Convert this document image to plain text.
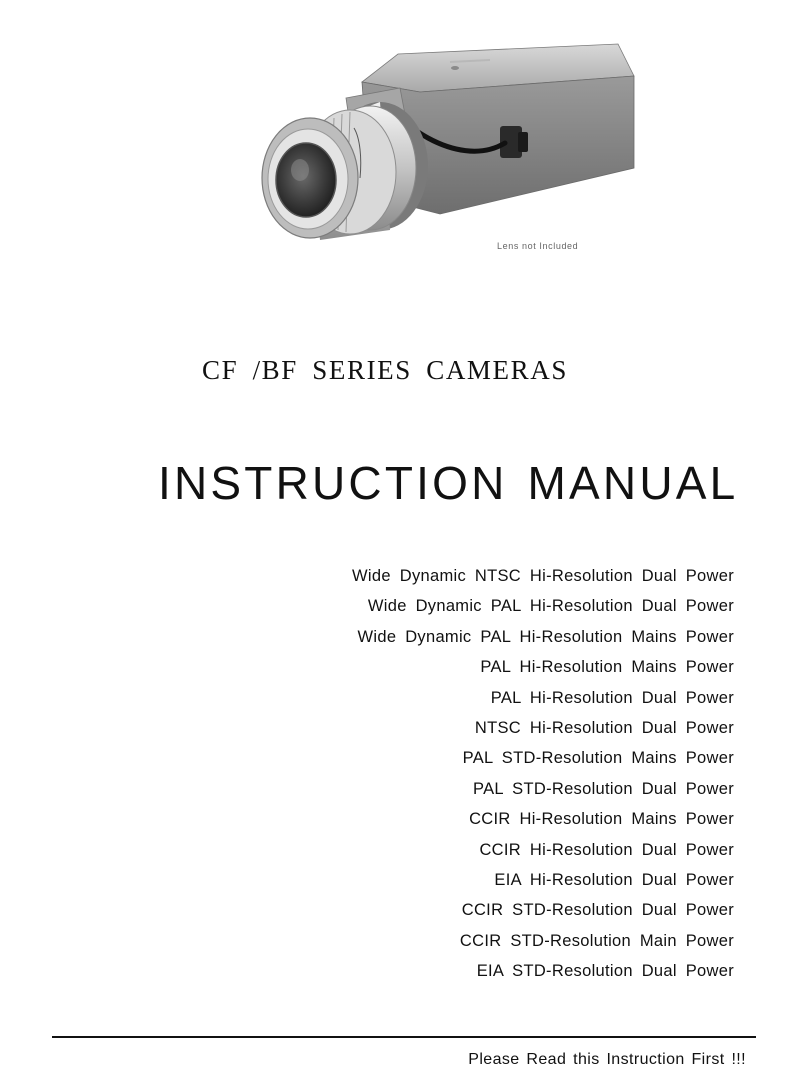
Lens not Included
CF /BF SERIES CAMERAS
INSTRUCTION MANUAL
Wide Dynamic NTSC Hi-Resolution Dual Power
Wide Dynamic PAL Hi-Resolution Dual Power
Wide Dynamic PAL Hi-Resolution Mains Power
PAL Hi-Resolution Mains Power
PAL Hi-Resolution Dual Power
NTSC Hi-Resolution Dual Power
PAL STD-Resolution Mains Power
PAL STD-Resolution Dual Power
CCIR Hi-Resolution Mains Power
CCIR Hi-Resolution Dual Power
EIA Hi-Resolution Dual Power
CCIR STD-Resolution Dual Power
CCIR STD-Resolution Main Power
EIA STD-Resolution Dual Power
Please Read this Instruction First !!!
